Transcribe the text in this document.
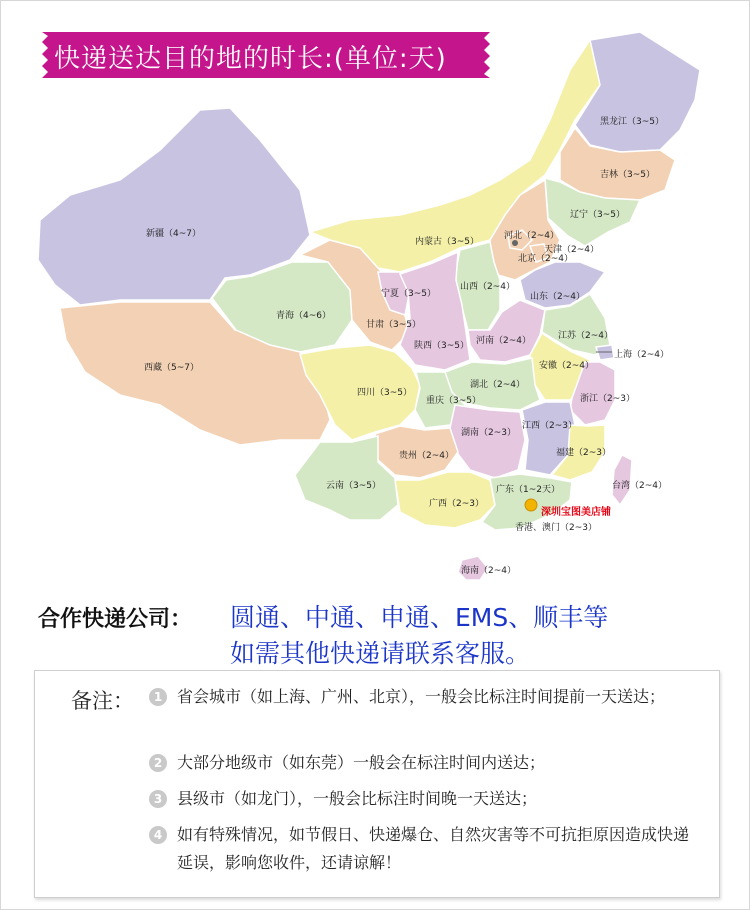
黑龙江（3~5）
吉林（3~5）
辽宁（3~5）
内蒙古（3~5）
河北（2~4）
北京（2~4）
天津（2~4）
山东（2~4）
山西（2~4）
新疆（4~7）
西藏（5~7）
青海（4~6）
甘肃（3~5）
宁夏（3~5）
陕西（3~5） 河南（2~4）	江苏（2~4）
安徽（2~4）
上海（2~4）
浙江（2~3）
湖北（2~4）
四川（3~5）
重庆（3~5）
湖南（2~3）
江西（2~3）
福建（2~3）
贵州（2~4）
云南（3~5）
广西（2~3）
广东（1~2天）
香港、澳门（2~3）
台湾（2~4）
海南（2~4）
深圳宝图美店铺
快递送达目的地的时长:(单位:天)
合作快递公司： 圆通、中通、申通、EMS、顺丰等
如需其他快递请联系客服。
备注：	1 省会城市（如上海、广州、北京），一般会比标注时间提前一天送达；
2 大部分地级市（如东莞）一般会在标注时间内送达；
3 县级市（如龙门），一般会比标注时间晚一天送达；
4 如有特殊情况，如节假日、快递爆仓、自然灾害等不可抗拒原因造成快递延误，影响您收件，还请谅解！
